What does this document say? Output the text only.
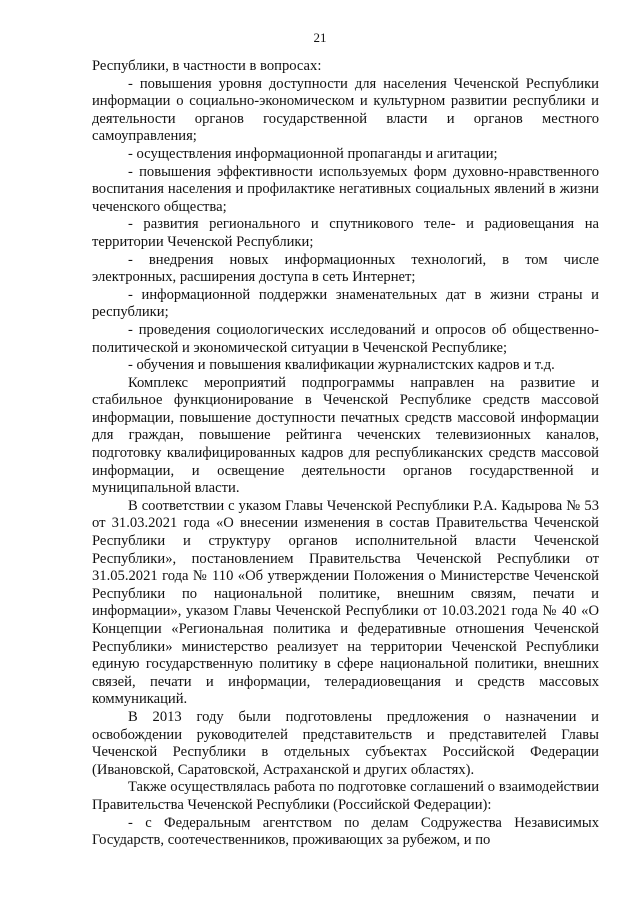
21

Республики, в частности в вопросах:

- повышения уровня доступности для населения Чеченской Республики информации о социально-экономическом и культурном развитии республики и деятельности органов государственной власти и органов местного самоуправления;

- осуществления информационной пропаганды и агитации;

- повышения эффективности используемых форм духовно-нравственного воспитания населения и профилактике негативных социальных явлений в жизни чеченского общества;

- развития регионального и спутникового теле- и радиовещания на территории Чеченской Республики;

- внедрения новых информационных технологий, в том числе электронных, расширения доступа в сеть Интернет;

- информационной поддержки знаменательных дат в жизни страны и республики;

- проведения социологических исследований и опросов об общественно-политической и экономической ситуации в Чеченской Республике;

- обучения и повышения квалификации журналистских кадров и т.д.

Комплекс мероприятий подпрограммы направлен на развитие и стабильное функционирование в Чеченской Республике средств массовой информации, повышение доступности печатных средств массовой информации для граждан, повышение рейтинга чеченских телевизионных каналов, подготовку квалифицированных кадров для республиканских средств массовой информации, и освещение деятельности органов государственной и муниципальной власти.

В соответствии с указом Главы Чеченской Республики Р.А. Кадырова № 53 от 31.03.2021 года «О внесении изменения в состав Правительства Чеченской Республики и структуру органов исполнительной власти Чеченской Республики», постановлением Правительства Чеченской Республики от 31.05.2021 года № 110 «Об утверждении Положения о Министерстве Чеченской Республики по национальной политике, внешним связям, печати и информации», указом Главы Чеченской Республики от 10.03.2021 года № 40 «О Концепции «Региональная политика и федеративные отношения Чеченской Республики» министерство реализует на территории Чеченской Республики единую государственную политику в сфере национальной политики, внешних связей, печати и информации, телерадиовещания и средств массовых коммуникаций.

В 2013 году были подготовлены предложения о назначении и освобождении руководителей представительств и представителей Главы Чеченской Республики в отдельных субъектах Российской Федерации (Ивановской, Саратовской, Астраханской и других областях).

Также осуществлялась работа по подготовке соглашений о взаимодействии Правительства Чеченской Республики (Российской Федерации):

- с Федеральным агентством по делам Содружества Независимых Государств, соотечественников, проживающих за рубежом, и по
